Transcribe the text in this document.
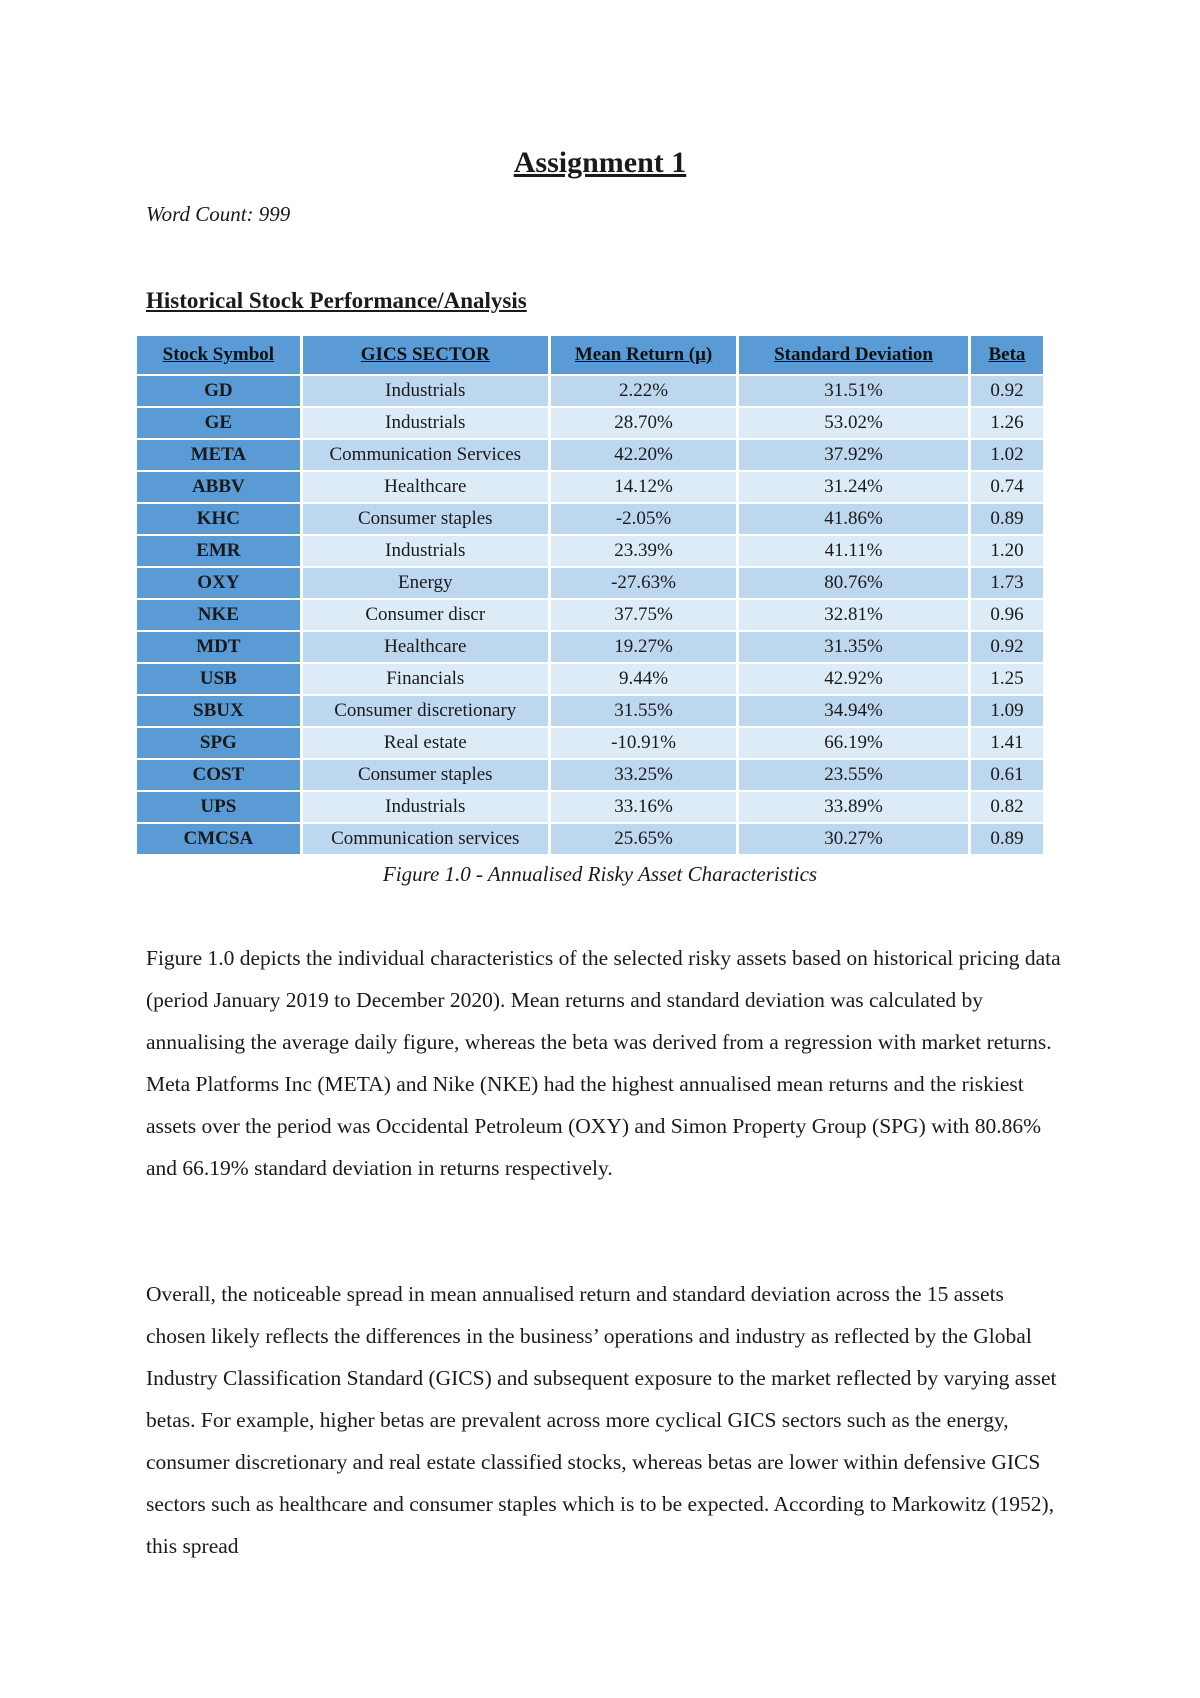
Assignment 1
Word Count: 999
Historical Stock Performance/Analysis
Stock Symbol	GICS SECTOR	Mean Return (μ)	Standard Deviation	Beta
GD	Industrials	2.22%	31.51%	0.92
GE	Industrials	28.70%	53.02%	1.26
META	Communication Services	42.20%	37.92%	1.02
ABBV	Healthcare	14.12%	31.24%	0.74
KHC	Consumer staples	-2.05%	41.86%	0.89
EMR	Industrials	23.39%	41.11%	1.20
OXY	Energy	-27.63%	80.76%	1.73
NKE	Consumer discr	37.75%	32.81%	0.96
MDT	Healthcare	19.27%	31.35%	0.92
USB	Financials	9.44%	42.92%	1.25
SBUX	Consumer discretionary	31.55%	34.94%	1.09
SPG	Real estate	-10.91%	66.19%	1.41
COST	Consumer staples	33.25%	23.55%	0.61
UPS	Industrials	33.16%	33.89%	0.82
CMCSA	Communication services	25.65%	30.27%	0.89
Figure 1.0 - Annualised Risky Asset Characteristics

Figure 1.0 depicts the individual characteristics of the selected risky assets based on historical pricing data (period January 2019 to December 2020). Mean returns and standard deviation was calculated by annualising the average daily figure, whereas the beta was derived from a regression with market returns. Meta Platforms Inc (META) and Nike (NKE) had the highest annualised mean returns and the riskiest assets over the period was Occidental Petroleum (OXY) and Simon Property Group (SPG) with 80.86% and 66.19% standard deviation in returns respectively.

Overall, the noticeable spread in mean annualised return and standard deviation across the 15 assets chosen likely reflects the differences in the business’ operations and industry as reflected by the Global Industry Classification Standard (GICS) and subsequent exposure to the market reflected by varying asset betas. For example, higher betas are prevalent across more cyclical GICS sectors such as the energy, consumer discretionary and real estate classified stocks, whereas betas are lower within defensive GICS sectors such as healthcare and consumer staples which is to be expected. According to Markowitz (1952), this spread
